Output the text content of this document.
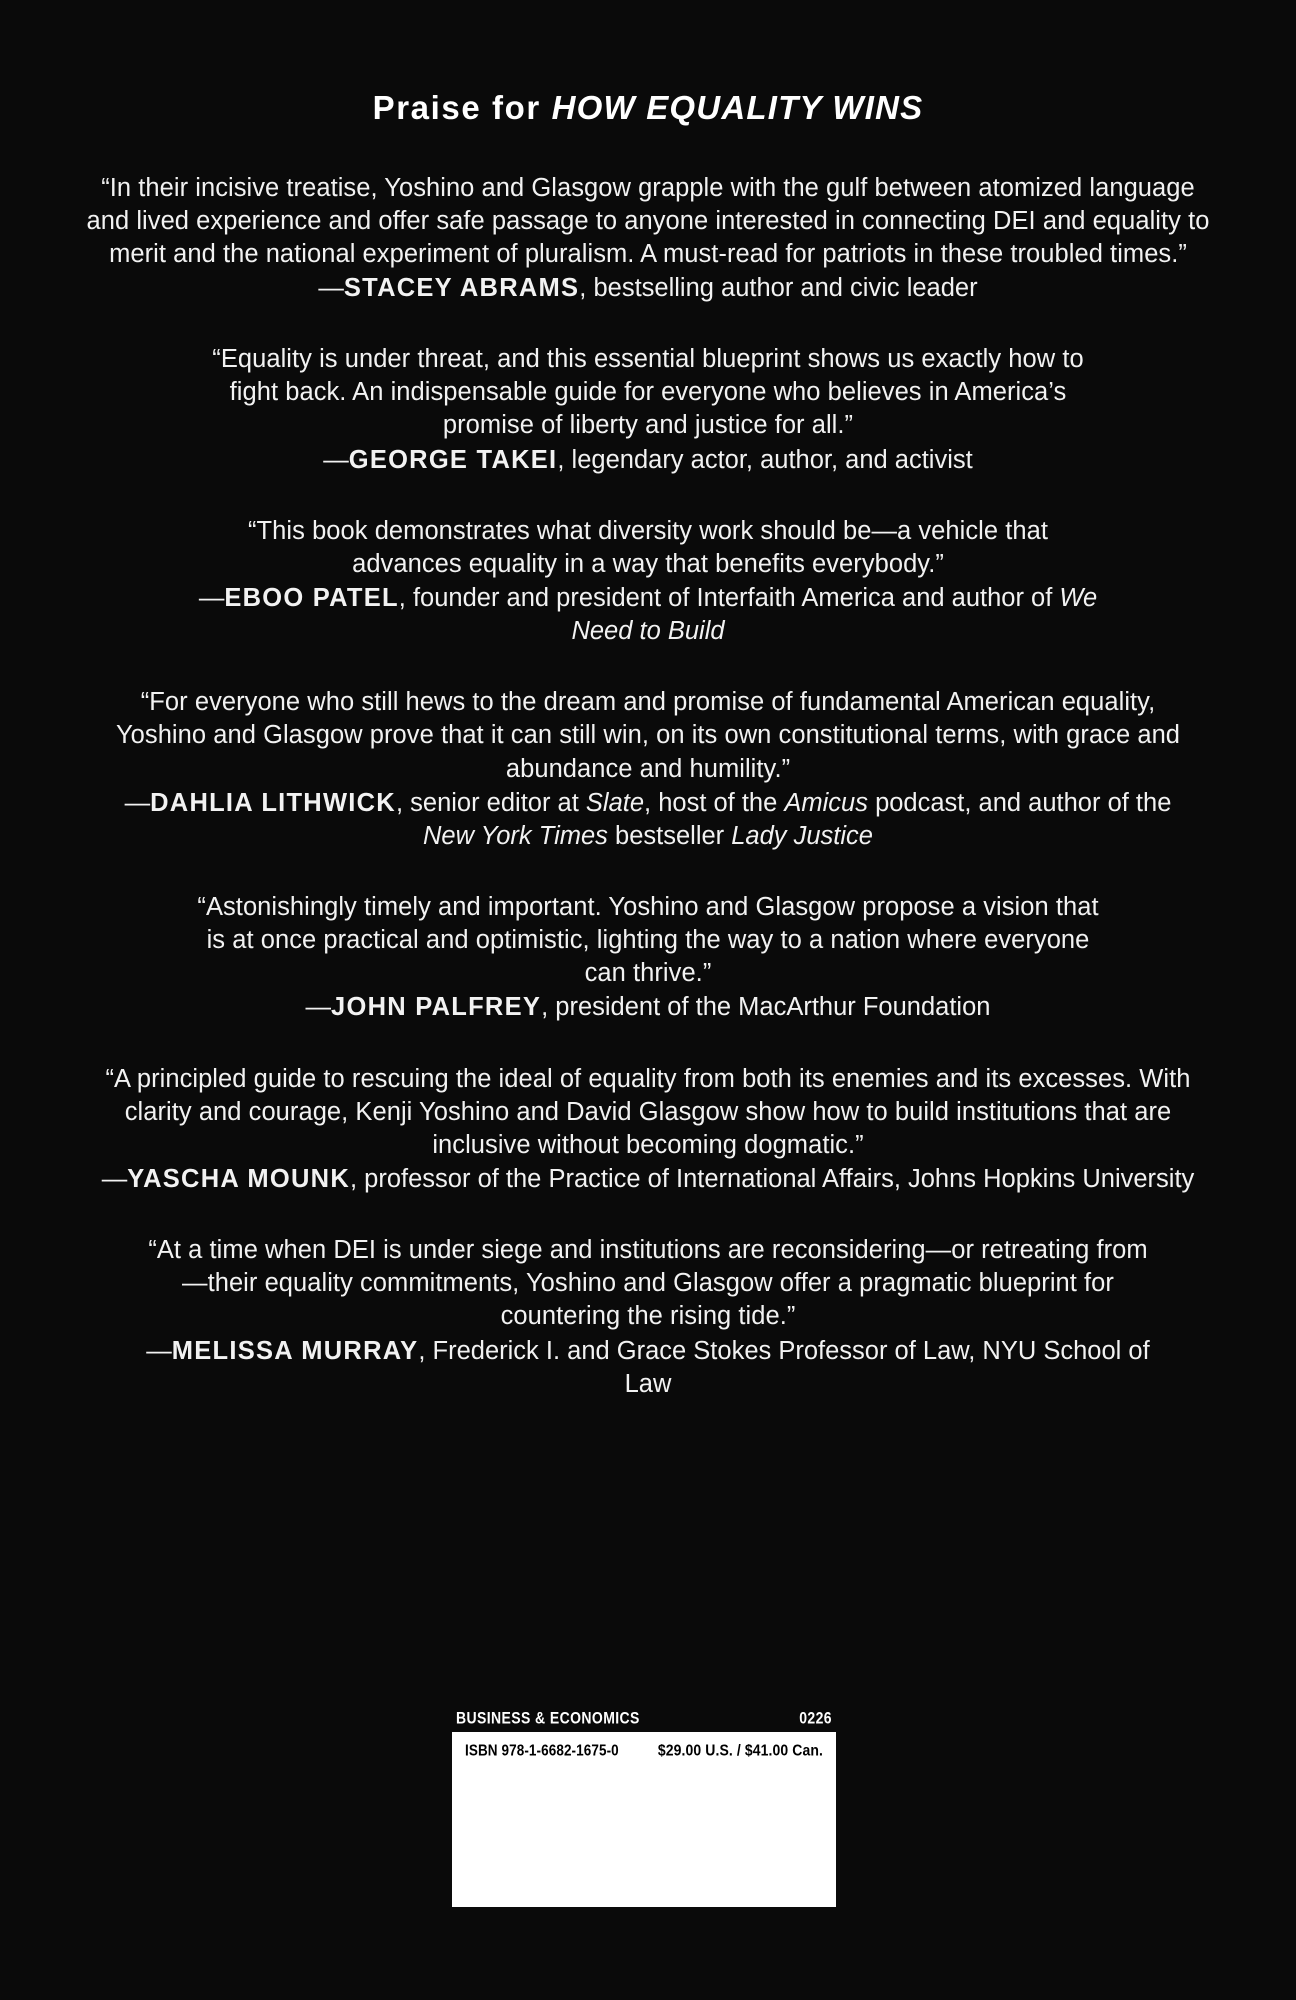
Praise for HOW EQUALITY WINS
“In their incisive treatise, Yoshino and Glasgow grapple with the gulf between atomized language and lived experience and offer safe passage to anyone interested in connecting DEI and equality to merit and the national experiment of pluralism. A must-read for patriots in these troubled times.”
—STACEY ABRAMS, bestselling author and civic leader
“Equality is under threat, and this essential blueprint shows us exactly how to fight back. An indispensable guide for everyone who believes in America’s promise of liberty and justice for all.”
—GEORGE TAKEI, legendary actor, author, and activist
“This book demonstrates what diversity work should be—a vehicle that advances equality in a way that benefits everybody.”
—EBOO PATEL, founder and president of Interfaith America and author of We Need to Build
“For everyone who still hews to the dream and promise of fundamental American equality, Yoshino and Glasgow prove that it can still win, on its own constitutional terms, with grace and abundance and humility.”
—DAHLIA LITHWICK, senior editor at Slate, host of the Amicus podcast, and author of the New York Times bestseller Lady Justice
“Astonishingly timely and important. Yoshino and Glasgow propose a vision that is at once practical and optimistic, lighting the way to a nation where everyone can thrive.”
—JOHN PALFREY, president of the MacArthur Foundation
“A principled guide to rescuing the ideal of equality from both its enemies and its excesses. With clarity and courage, Kenji Yoshino and David Glasgow show how to build institutions that are inclusive without becoming dogmatic.”
—YASCHA MOUNK, professor of the Practice of International Affairs, Johns Hopkins University
“At a time when DEI is under siege and institutions are reconsidering—or retreating from—their equality commitments, Yoshino and Glasgow offer a pragmatic blueprint for countering the rising tide.”
—MELISSA MURRAY, Frederick I. and Grace Stokes Professor of Law, NYU School of Law
BUSINESS & ECONOMICS	0226
ISBN 978-1-6682-1675-0	$29.00 U.S. / $41.00 Can.
